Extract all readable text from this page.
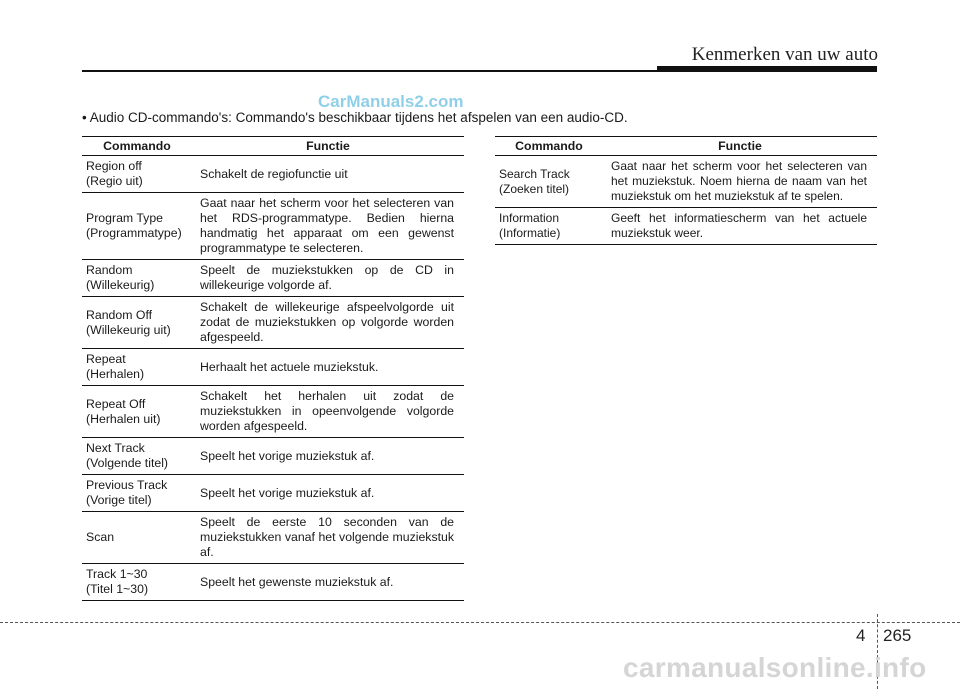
Kenmerken van uw auto
CarManuals2.com
• Audio CD-commando's: Commando's beschikbaar tijdens het afspelen van een audio-CD.
Commando	Functie
Region off
(Regio uit)	Schakelt de regiofunctie uit
Program Type
(Programmatype)	Gaat naar het scherm voor het selecteren van het RDS-programmatype. Bedien hierna handmatig het apparaat om een gewenst programmatype te selecteren.
Random
(Willekeurig)	Speelt de muziekstukken op de CD in willekeurige volgorde af.
Random Off
(Willekeurig uit)	Schakelt de willekeurige afspeelvolgorde uit zodat de muziekstukken op volgorde worden afgespeeld.
Repeat
(Herhalen)	Herhaalt het actuele muziekstuk.
Repeat Off
(Herhalen uit)	Schakelt het herhalen uit zodat de muziekstukken in opeenvolgende volgorde worden afgespeeld.
Next Track
(Volgende titel)	Speelt het vorige muziekstuk af.
Previous Track
(Vorige titel)	Speelt het vorige muziekstuk af.
Scan	Speelt de eerste 10 seconden van de muziekstukken vanaf het volgende muziekstuk af.
Track 1~30
(Titel 1~30)	Speelt het gewenste muziekstuk af.
Commando	Functie
Search Track
(Zoeken titel)	Gaat naar het scherm voor het selecteren van het muziekstuk. Noem hierna de naam van het muziekstuk om het muziekstuk af te spelen.
Information
(Informatie)	Geeft het informatiescherm van het actuele muziekstuk weer.
4 265
carmanualsonline.info
